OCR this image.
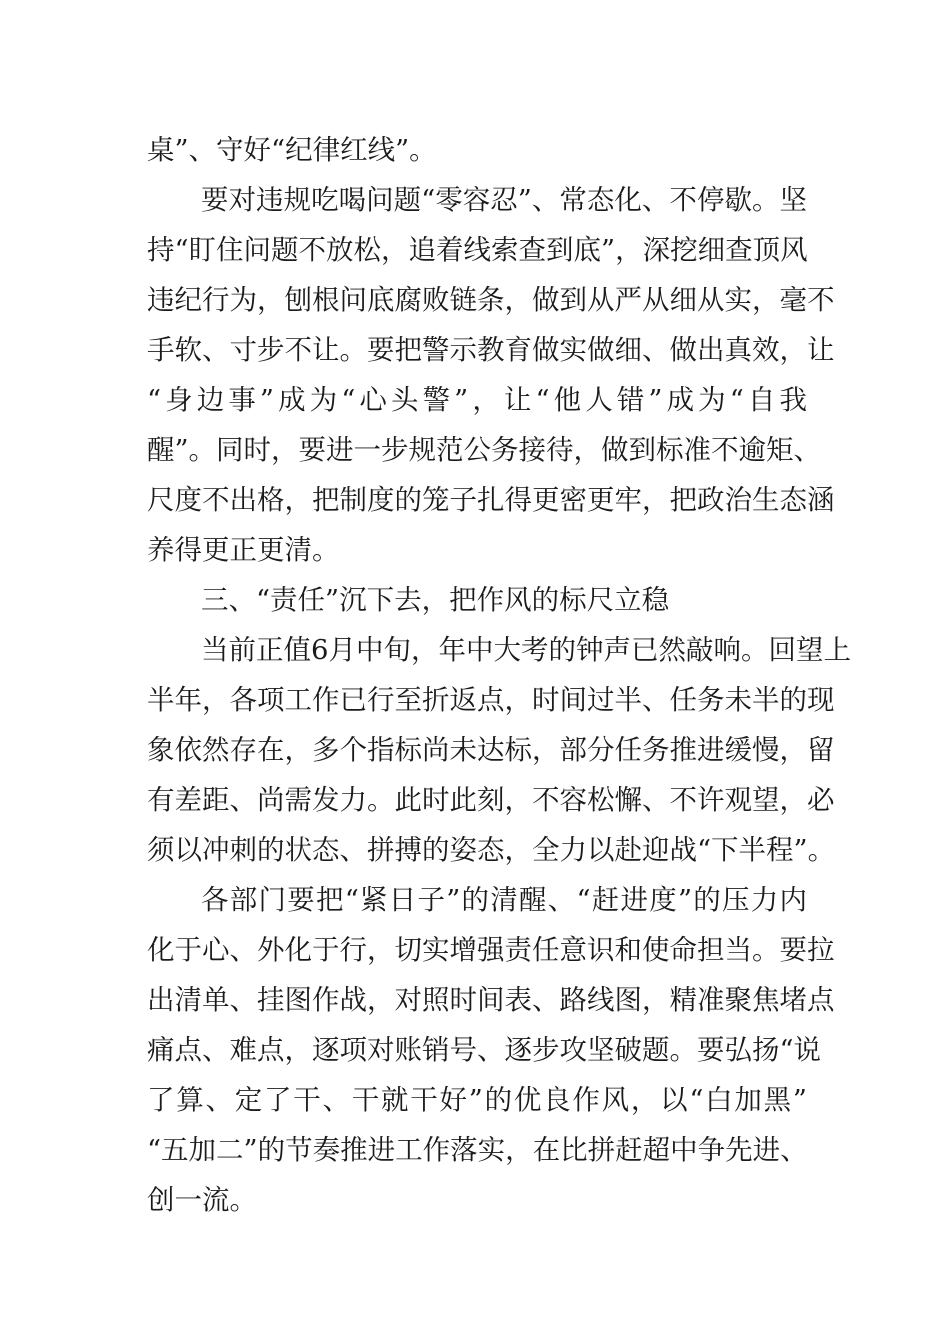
桌”、守好“纪律红线”。
要对违规吃喝问题“零容忍”、常态化、不停歇。坚
持“盯住问题不放松，追着线索查到底”，深挖细查顶风
违纪行为，刨根问底腐败链条，做到从严从细从实，毫不
手软、寸步不让。要把警示教育做实做细、做出真效，让
“身边事”成为“心头警”，让“他人错”成为“自我
醒”。同时，要进一步规范公务接待，做到标准不逾矩、
尺度不出格，把制度的笼子扎得更密更牢，把政治生态涵
养得更正更清。
三、“责任”沉下去，把作风的标尺立稳
当前正值6月中旬，年中大考的钟声已然敲响。回望上
半年，各项工作已行至折返点，时间过半、任务未半的现
象依然存在，多个指标尚未达标，部分任务推进缓慢，留
有差距、尚需发力。此时此刻，不容松懈、不许观望，必
须以冲刺的状态、拼搏的姿态，全力以赴迎战“下半程”。
各部门要把“紧日子”的清醒、“赶进度”的压力内
化于心、外化于行，切实增强责任意识和使命担当。要拉
出清单、挂图作战，对照时间表、路线图，精准聚焦堵点
痛点、难点，逐项对账销号、逐步攻坚破题。要弘扬“说
了算、定了干、干就干好”的优良作风，以“白加黑”
“五加二”的节奏推进工作落实，在比拼赶超中争先进、
创一流。
